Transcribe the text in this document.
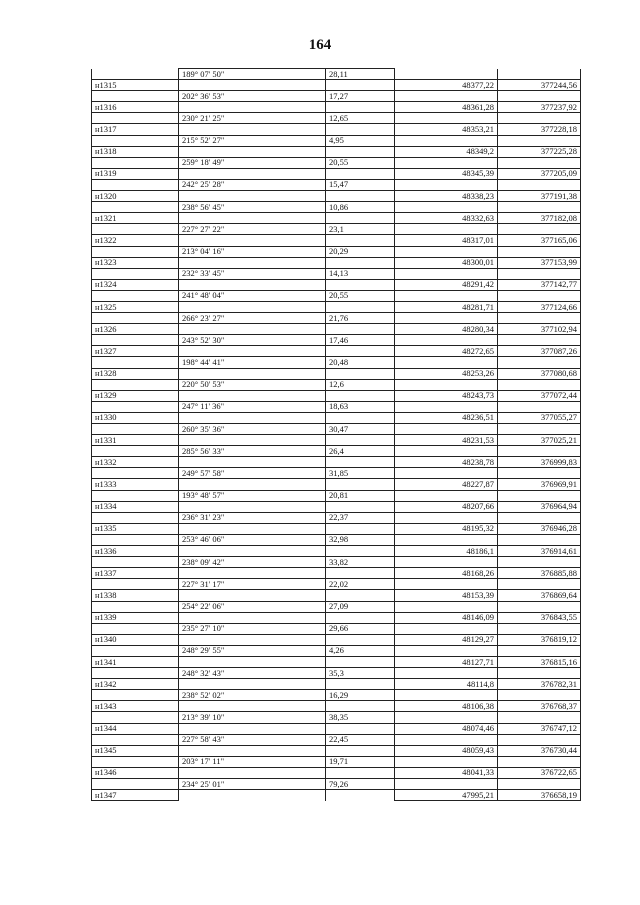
164
	189° 07' 50"	28,11		
н1315			48377,22	377244,56
	202° 36' 53"	17,27		
н1316			48361,28	377237,92
	230° 21' 25"	12,65		
н1317			48353,21	377228,18
	215° 52' 27"	4,95		
н1318			48349,2	377225,28
	259° 18' 49"	20,55		
н1319			48345,39	377205,09
	242° 25' 28"	15,47		
н1320			48338,23	377191,38
	238° 56' 45"	10,86		
н1321			48332,63	377182,08
	227° 27' 22"	23,1		
н1322			48317,01	377165,06
	213° 04' 16"	20,29		
н1323			48300,01	377153,99
	232° 33' 45"	14,13		
н1324			48291,42	377142,77
	241° 48' 04"	20,55		
н1325			48281,71	377124,66
	266° 23' 27"	21,76		
н1326			48280,34	377102,94
	243° 52' 30"	17,46		
н1327			48272,65	377087,26
	198° 44' 41"	20,48		
н1328			48253,26	377080,68
	220° 50' 53"	12,6		
н1329			48243,73	377072,44
	247° 11' 36"	18,63		
н1330			48236,51	377055,27
	260° 35' 36"	30,47		
н1331			48231,53	377025,21
	285° 56' 33"	26,4		
н1332			48238,78	376999,83
	249° 57' 58"	31,85		
н1333			48227,87	376969,91
	193° 48' 57"	20,81		
н1334			48207,66	376964,94
	236° 31' 23"	22,37		
н1335			48195,32	376946,28
	253° 46' 06"	32,98		
н1336			48186,1	376914,61
	238° 09' 42"	33,82		
н1337			48168,26	376885,88
	227° 31' 17"	22,02		
н1338			48153,39	376869,64
	254° 22' 06"	27,09		
н1339			48146,09	376843,55
	235° 27' 10"	29,66		
н1340			48129,27	376819,12
	248° 29' 55"	4,26		
н1341			48127,71	376815,16
	248° 32' 43"	35,3		
н1342			48114,8	376782,31
	238° 52' 02"	16,29		
н1343			48106,38	376768,37
	213° 39' 10"	38,35		
н1344			48074,46	376747,12
	227° 58' 43"	22,45		
н1345			48059,43	376730,44
	203° 17' 11"	19,71		
н1346			48041,33	376722,65
	234° 25' 01"	79,26		
н1347			47995,21	376658,19
